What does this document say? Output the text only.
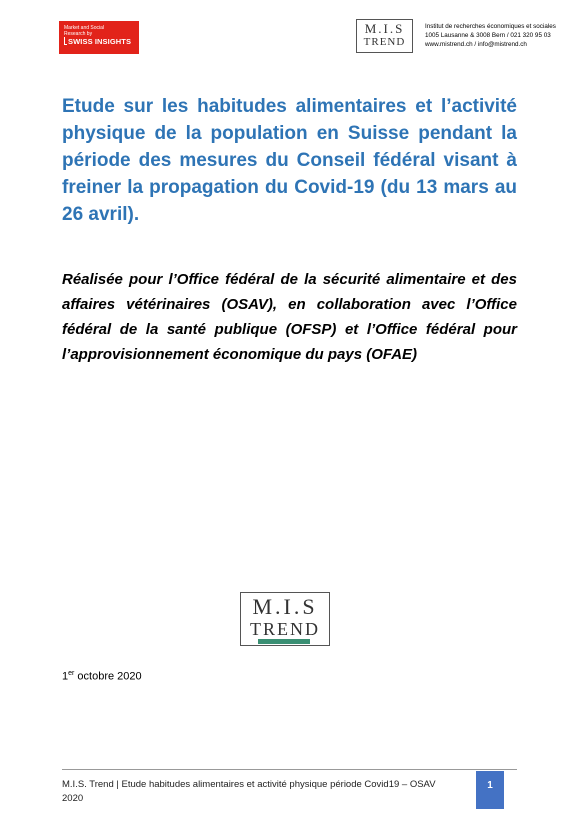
Market and Social
Research by
SWISS INSIGHTS
M.I.S
TREND
Institut de recherches économiques et sociales
1005 Lausanne & 3008 Bern / 021 320 95 03
www.mistrend.ch / info@mistrend.ch
Etude sur les habitudes alimentaires et l’activité physique de la population en Suisse pendant la période des mesures du Conseil fédéral visant à freiner la propagation du Covid-19 (du 13 mars au 26 avril).

Réalisée pour l’Office fédéral de la sécurité alimentaire et des affaires vétérinaires (OSAV), en collaboration avec l’Office fédéral de la santé publique (OFSP) et l’Office fédéral pour l’approvisionnement économique du pays (OFAE)

M.I.S
TREND
1er octobre 2020
M.I.S. Trend | Etude habitudes alimentaires et activité physique période Covid19 – OSAV 2020
1
